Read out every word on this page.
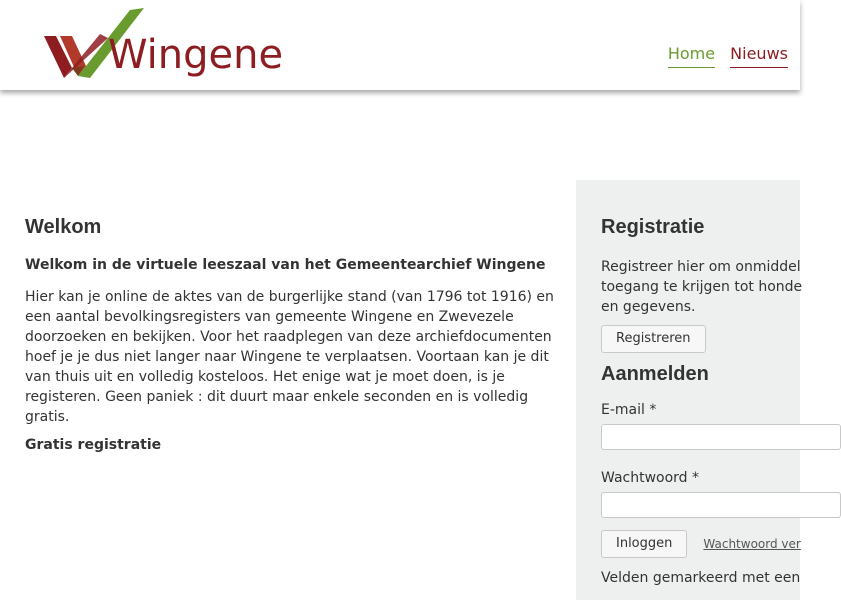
Wingene	Home Nieuws
Welkom

Welkom in de virtuele leeszaal van het Gemeentearchief Wingene

Hier kan je online de aktes van de burgerlijke stand (van 1796 tot 1916) en een aantal bevolkingsregisters van gemeente Wingene en Zwevezele doorzoeken en bekijken. Voor het raadplegen van deze archiefdocumenten hoef je je dus niet langer naar Wingene te verplaatsen. Voortaan kan je dit van thuis uit en volledig kosteloos. Het enige wat je moet doen, is je registeren. Geen paniek : dit duurt maar enkele seconden en is volledig gratis.

Gratis registratie

Registratie

Registreer hier om onmiddel
toegang te krijgen tot honde
en gegevens.

Registreren
Aanmelden
E-mail *
Wachtwoord *
Inloggen	Wachtwoord ver
Velden gemarkeerd met een
